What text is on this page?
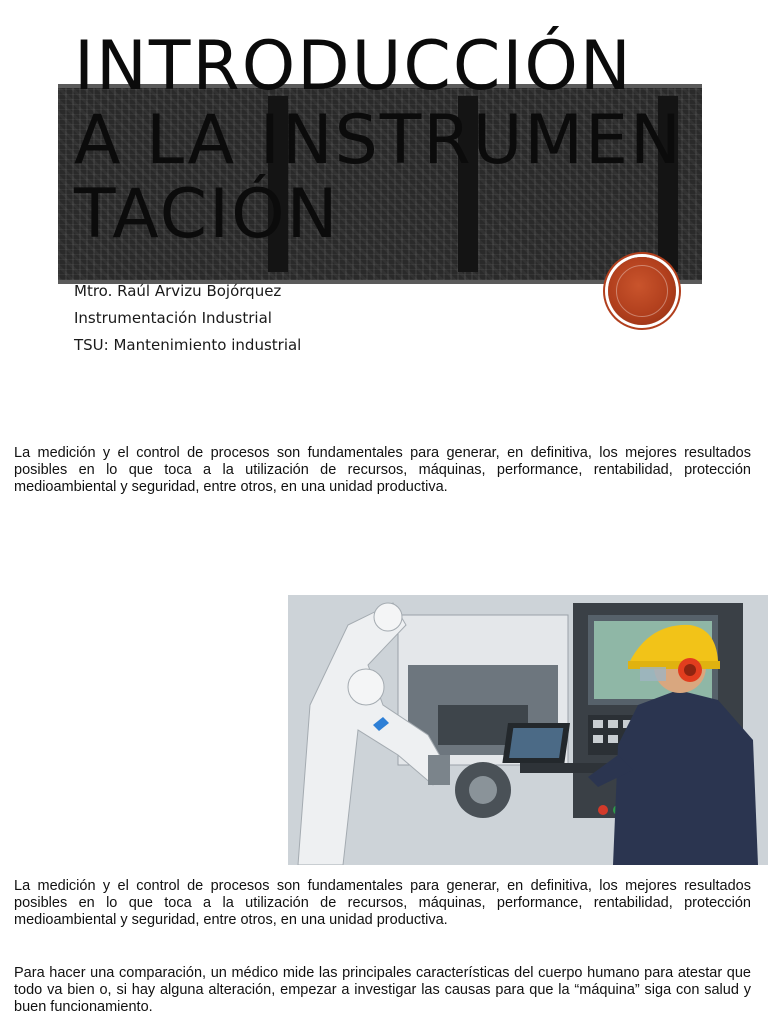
INTRODUCCIÓN A LA INSTRUMENTACIÓN
Mtro. Raúl Arvizu Bojórquez
Instrumentación Industrial
TSU: Mantenimiento industrial

La medición y el control de procesos son fundamentales para generar, en definitiva, los mejores resultados posibles en lo que toca a la utilización de recursos, máquinas, performance, rentabilidad, protección medioambiental y seguridad, entre otros, en una unidad productiva.

La medición y el control de procesos son fundamentales para generar, en definitiva, los mejores resultados posibles en lo que toca a la utilización de recursos, máquinas, performance, rentabilidad, protección medioambiental y seguridad, entre otros, en una unidad productiva.

Para hacer una comparación, un médico mide las principales características del cuerpo humano para atestar que todo va bien o, si hay alguna alteración, empezar a investigar las causas para que la “máquina” siga con salud y buen funcionamiento.
